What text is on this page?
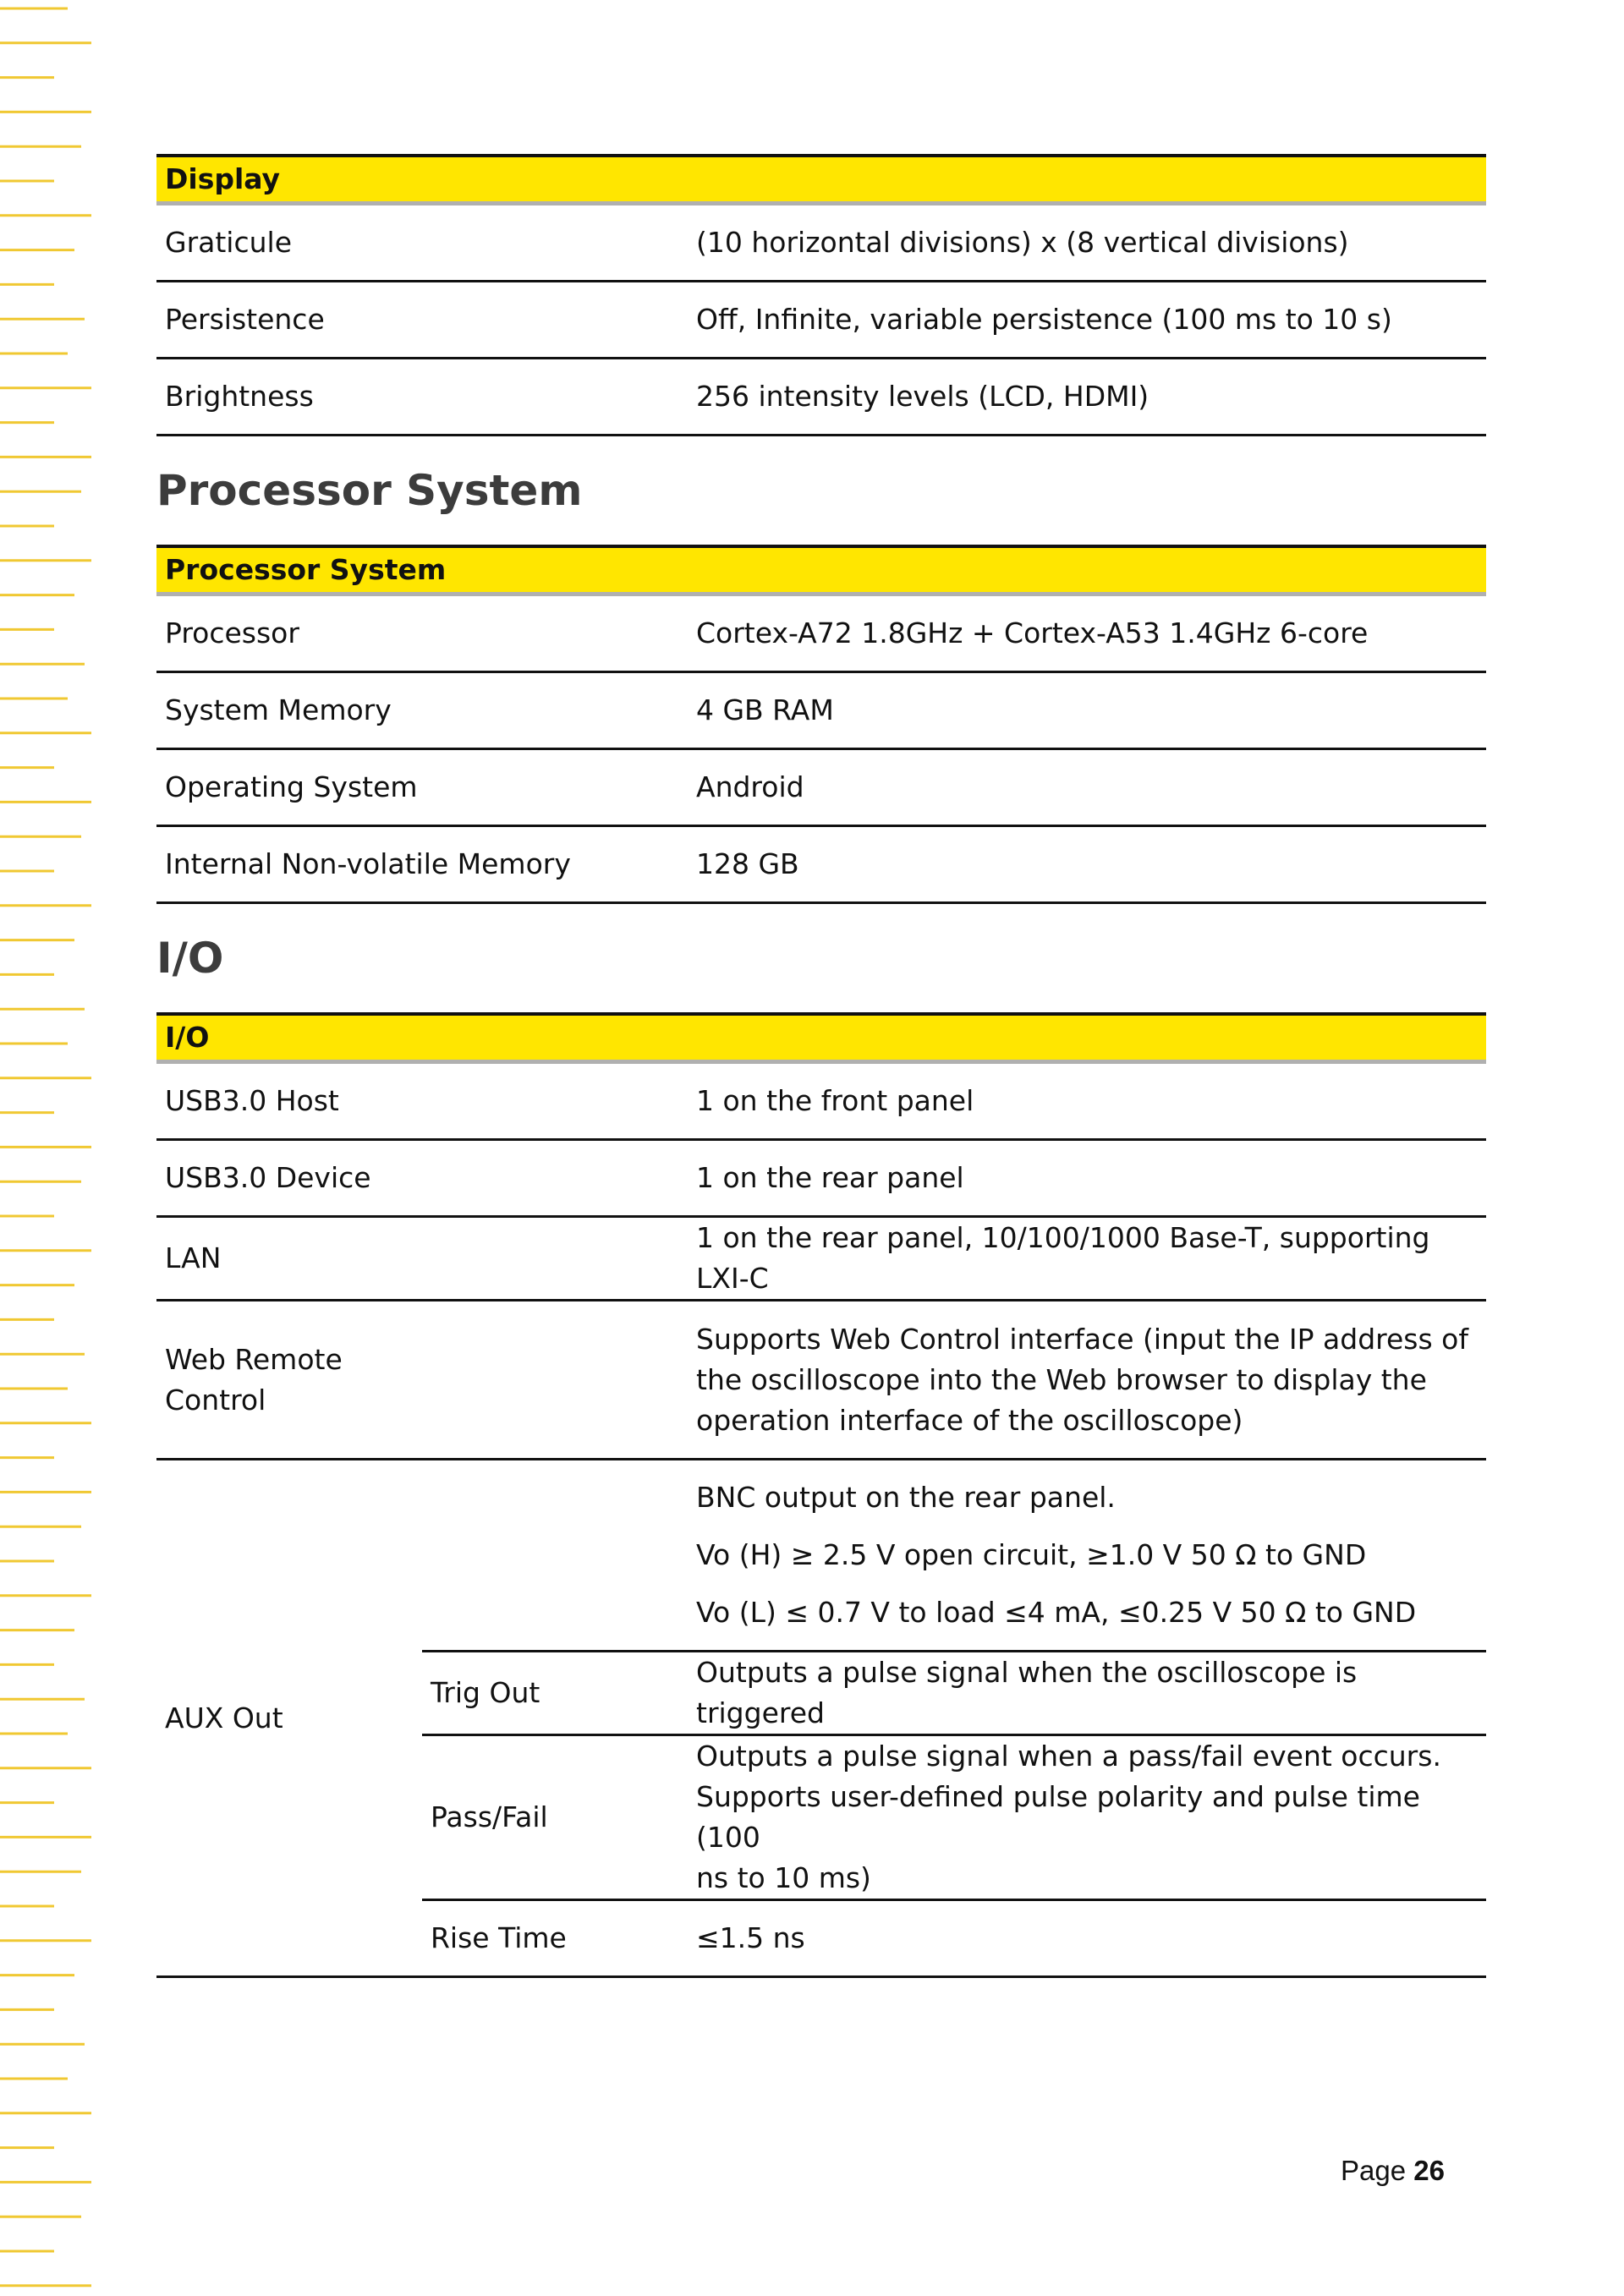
Display	
Graticule	(10 horizontal divisions) x (8 vertical divisions)
Persistence	Off, Infinite, variable persistence (100 ms to 10 s)
Brightness	256 intensity levels (LCD, HDMI)
Processor System
Processor System	
Processor	Cortex-A72 1.8GHz + Cortex-A53 1.4GHz 6-core
System Memory	4 GB RAM
Operating System	Android
Internal Non-volatile Memory	128 GB
I/O
I/O		
USB3.0 Host		1 on the front panel
USB3.0 Device		1 on the rear panel
LAN		1 on the rear panel, 10/100/1000 Base-T, supporting LXI-C

Web Remote
Control		Supports Web Control interface (input the IP address of
the oscilloscope into the Web browser to display the
operation interface of the oscilloscope)

AUX Out		BNC output on the rear panel.
Vo (H) ≥ 2.5 V open circuit, ≥1.0 V 50 Ω to GND
Vo (L) ≤ 0.7 V to load ≤4 mA, ≤0.25 V 50 Ω to GND

	Trig Out	Outputs a pulse signal when the oscilloscope is triggered
	Pass/Fail	Outputs a pulse signal when a pass/fail event occurs.
Supports user-defined pulse polarity and pulse time (100
ns to 10 ms)

	Rise Time	≤1.5 ns
Page 26
